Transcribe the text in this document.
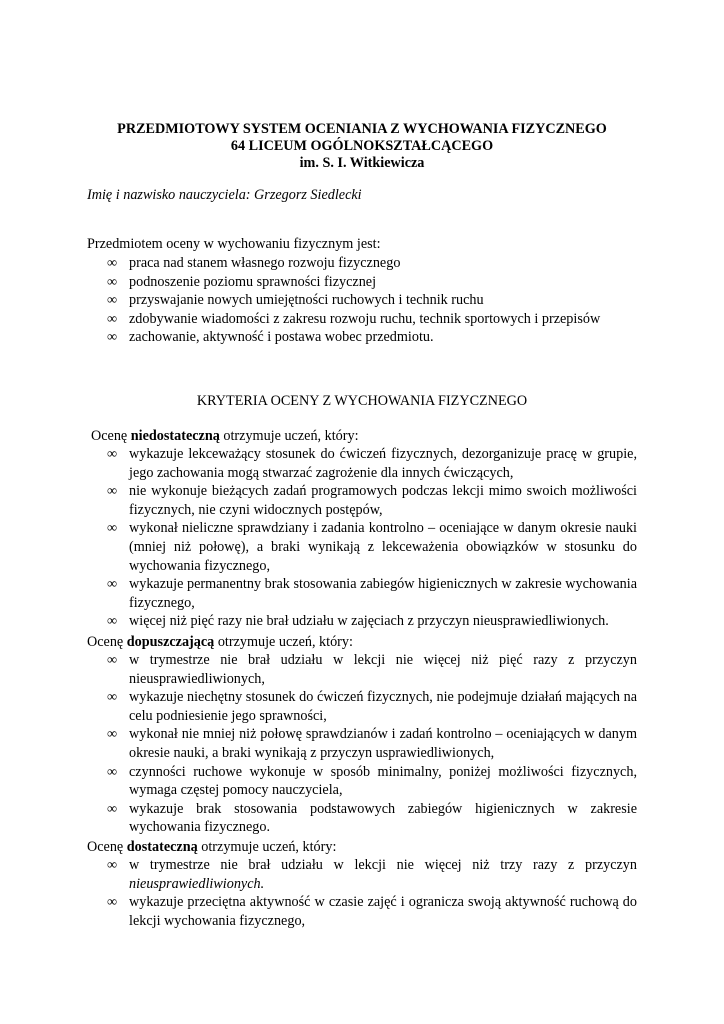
PRZEDMIOTOWY SYSTEM OCENIANIA Z WYCHOWANIA FIZYCZNEGO
64 LICEUM OGÓLNOKSZTAŁCĄCEGO
im. S. I. Witkiewicza
Imię i nazwisko nauczyciela: Grzegorz Siedlecki
Przedmiotem oceny w wychowaniu fizycznym jest:
∞ praca nad stanem własnego rozwoju fizycznego
∞ podnoszenie poziomu sprawności fizycznej
∞ przyswajanie nowych umiejętności ruchowych i technik ruchu
∞ zdobywanie wiadomości z zakresu rozwoju ruchu, technik sportowych i przepisów
∞ zachowanie, aktywność i postawa wobec przedmiotu.
KRYTERIA OCENY Z WYCHOWANIA FIZYCZNEGO
Ocenę niedostateczną otrzymuje uczeń, który:
∞ wykazuje lekceważący stosunek do ćwiczeń fizycznych, dezorganizuje pracę w grupie, jego zachowania mogą stwarzać zagrożenie dla innych ćwiczących,
∞ nie wykonuje bieżących zadań programowych podczas lekcji mimo swoich możliwości fizycznych, nie czyni widocznych postępów,
∞ wykonał nieliczne sprawdziany i zadania kontrolno – oceniające w danym okresie nauki (mniej niż połowę), a braki wynikają z lekceważenia obowiązków w stosunku do wychowania fizycznego,
∞ wykazuje permanentny brak stosowania zabiegów higienicznych w zakresie wychowania fizycznego,
∞ więcej niż pięć razy nie brał udziału w zajęciach z przyczyn nieusprawiedliwionych.
Ocenę dopuszczającą otrzymuje uczeń, który:
∞ w trymestrze nie brał udziału w lekcji nie więcej niż pięć razy z przyczyn nieusprawiedliwionych,
∞ wykazuje niechętny stosunek do ćwiczeń fizycznych, nie podejmuje działań mających na celu podniesienie jego sprawności,
∞ wykonał nie mniej niż połowę sprawdzianów i zadań kontrolno – oceniających w danym okresie nauki, a braki wynikają z przyczyn usprawiedliwionych,
∞ czynności ruchowe wykonuje w sposób minimalny, poniżej możliwości fizycznych, wymaga częstej pomocy nauczyciela,
∞ wykazuje brak stosowania podstawowych zabiegów higienicznych w zakresie wychowania fizycznego.
Ocenę dostateczną otrzymuje uczeń, który:
∞ w trymestrze nie brał udziału w lekcji nie więcej niż trzy razy z przyczyn nieusprawiedliwionych.
∞ wykazuje przeciętna aktywność w czasie zajęć i ogranicza swoją aktywność ruchową do lekcji wychowania fizycznego,
